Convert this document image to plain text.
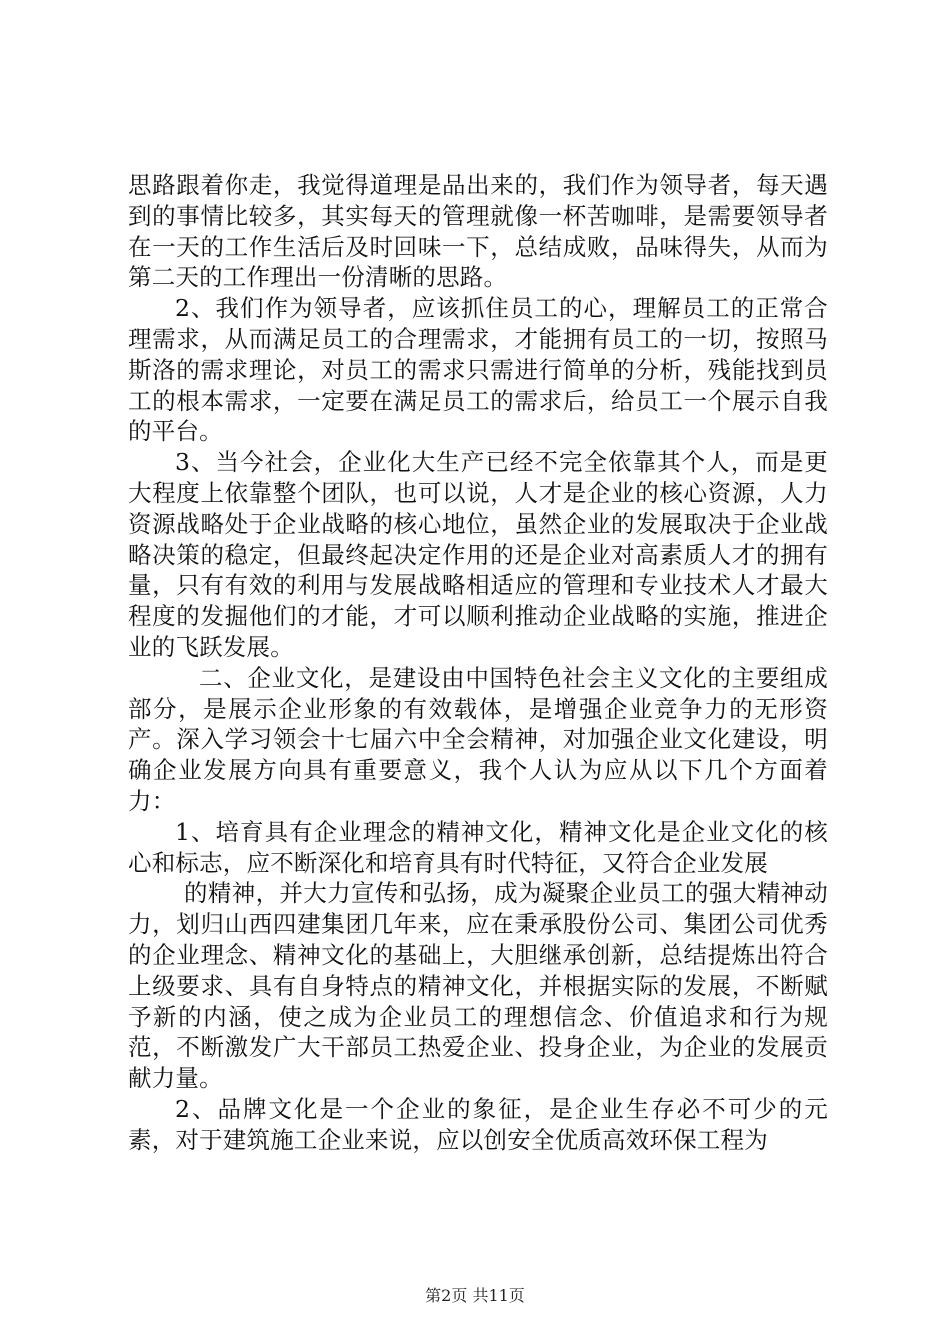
思路跟着你走，我觉得道理是品出来的，我们作为领导者，每天遇到的事情比较多，其实每天的管理就像一杯苦咖啡，是需要领导者在一天的工作生活后及时回味一下，总结成败，品味得失，从而为第二天的工作理出一份清晰的思路。

2、我们作为领导者，应该抓住员工的心，理解员工的正常合理需求，从而满足员工的合理需求，才能拥有员工的一切，按照马斯洛的需求理论，对员工的需求只需进行简单的分析，残能找到员工的根本需求，一定要在满足员工的需求后，给员工一个展示自我的平台。

3、当今社会，企业化大生产已经不完全依靠其个人，而是更大程度上依靠整个团队，也可以说，人才是企业的核心资源，人力资源战略处于企业战略的核心地位，虽然企业的发展取决于企业战略决策的稳定，但最终起决定作用的还是企业对高素质人才的拥有量，只有有效的利用与发展战略相适应的管理和专业技术人才最大程度的发掘他们的才能，才可以顺利推动企业战略的实施，推进企业的飞跃发展。

二、企业文化，是建设由中国特色社会主义文化的主要组成部分，是展示企业形象的有效载体，是增强企业竞争力的无形资产。深入学习领会十七届六中全会精神，对加强企业文化建设，明确企业发展方向具有重要意义，我个人认为应从以下几个方面着力：

1、培育具有企业理念的精神文化，精神文化是企业文化的核心和标志，应不断深化和培育具有时代特征，又符合企业发展

的精神，并大力宣传和弘扬，成为凝聚企业员工的强大精神动力，划归山西四建集团几年来，应在秉承股份公司、集团公司优秀的企业理念、精神文化的基础上，大胆继承创新，总结提炼出符合上级要求、具有自身特点的精神文化，并根据实际的发展，不断赋予新的内涵，使之成为企业员工的理想信念、价值追求和行为规范，不断激发广大干部员工热爱企业、投身企业，为企业的发展贡献力量。

2、品牌文化是一个企业的象征，是企业生存必不可少的元素，对于建筑施工企业来说，应以创安全优质高效环保工程为

第2页 共11页
